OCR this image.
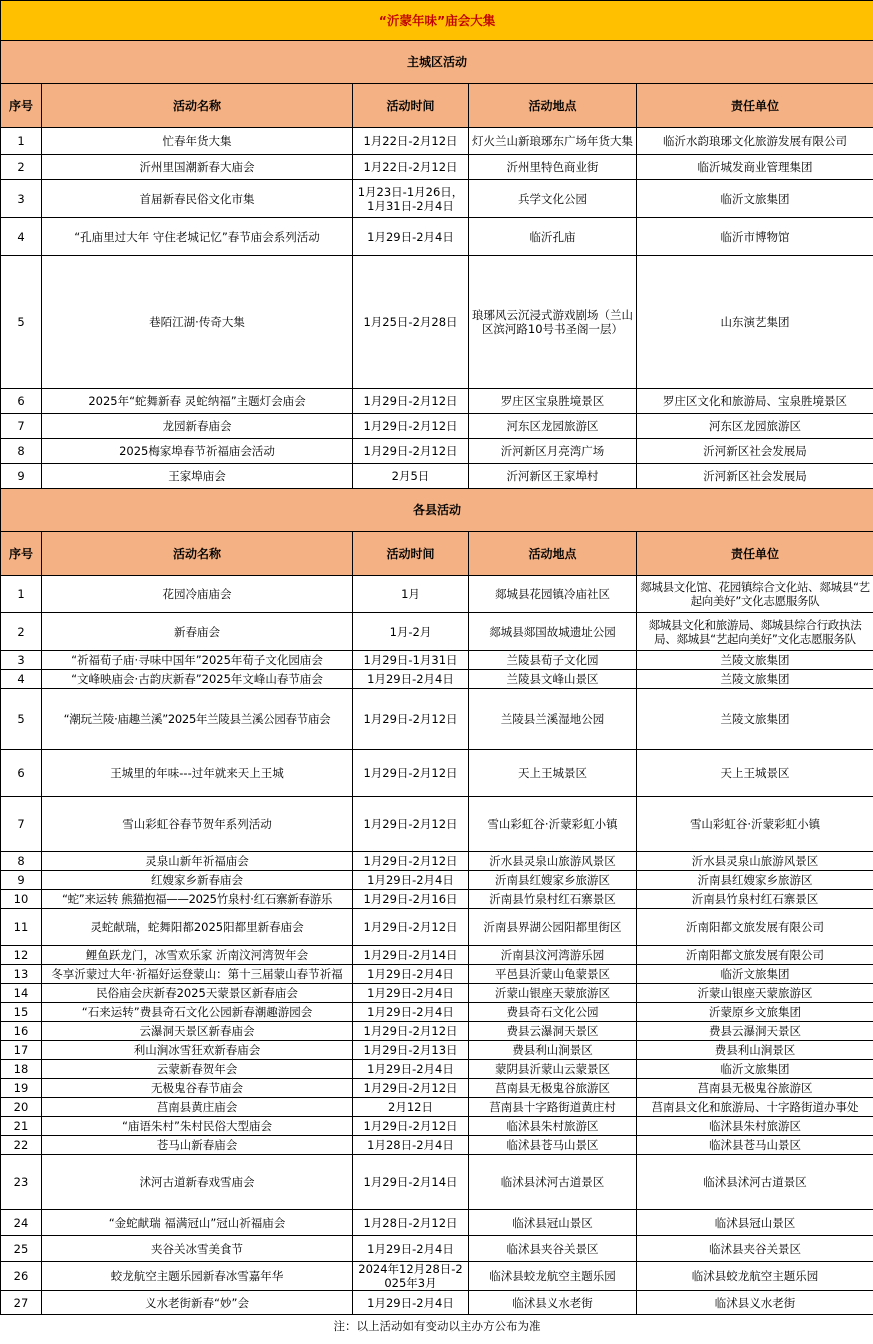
“沂蒙年味”庙会大集				
主城区活动				
序号	活动名称	活动时间	活动地点	责任单位
1	忙春年货大集	1月22日-2月12日	灯火兰山新琅琊东广场年货大集	临沂水韵琅琊文化旅游发展有限公司
2	沂州里国潮新春大庙会	1月22日-2月12日	沂州里特色商业街	临沂城发商业管理集团
3	首届新春民俗文化市集	1月23日-1月26日，1月31日-2月4日	兵学文化公园	临沂文旅集团
4	“孔庙里过大年 守住老城记忆”春节庙会系列活动	1月29日-2月4日	临沂孔庙	临沂市博物馆
5	巷陌江湖·传奇大集	1月25日-2月28日	琅琊风云沉浸式游戏剧场（兰山区滨河路10号书圣阁一层）	山东演艺集团
6	2025年“蛇舞新春 灵蛇纳福”主题灯会庙会	1月29日-2月12日	罗庄区宝泉胜境景区	罗庄区文化和旅游局、宝泉胜境景区
7	龙园新春庙会	1月29日-2月12日	河东区龙园旅游区	河东区龙园旅游区
8	2025梅家埠春节祈福庙会活动	1月29日-2月12日	沂河新区月亮湾广场	沂河新区社会发展局
9	王家埠庙会	2月5日	沂河新区王家埠村	沂河新区社会发展局
各县活动				
序号	活动名称	活动时间	活动地点	责任单位
1	花园冷庙庙会	1月	郯城县花园镇冷庙社区	郯城县文化馆、花园镇综合文化站、郯城县“艺起向美好”文化志愿服务队
2	新春庙会	1月-2月	郯城县郯国故城遗址公园	郯城县文化和旅游局、郯城县综合行政执法局、郯城县“艺起向美好”文化志愿服务队
3	“祈福荀子庙·寻味中国年”2025年荀子文化园庙会	1月29日-1月31日	兰陵县荀子文化园	兰陵文旅集团
4	“文峰映庙会·古韵庆新春”2025年文峰山春节庙会	1月29日-2月4日	兰陵县文峰山景区	兰陵文旅集团
5	“潮玩兰陵·庙趣兰溪”2025年兰陵县兰溪公园春节庙会	1月29日-2月12日	兰陵县兰溪湿地公园	兰陵文旅集团
6	王城里的年味---过年就来天上王城	1月29日-2月12日	天上王城景区	天上王城景区
7	雪山彩虹谷春节贺年系列活动	1月29日-2月12日	雪山彩虹谷·沂蒙彩虹小镇	雪山彩虹谷·沂蒙彩虹小镇
8	灵泉山新年祈福庙会	1月29日-2月12日	沂水县灵泉山旅游风景区	沂水县灵泉山旅游风景区
9	红嫂家乡新春庙会	1月29日-2月4日	沂南县红嫂家乡旅游区	沂南县红嫂家乡旅游区
10	“蛇”来运转 熊猫抱福——2025竹泉村·红石寨新春游乐	1月29日-2月16日	沂南县竹泉村红石寨景区	沂南县竹泉村红石寨景区
11	灵蛇献瑞，蛇舞阳都2025阳都里新春庙会	1月29日-2月12日	沂南县界湖公园阳都里街区	沂南阳都文旅发展有限公司
12	鲤鱼跃龙门，冰雪欢乐家 沂南汶河湾贺年会	1月29日-2月14日	沂南县汶河湾游乐园	沂南阳都文旅发展有限公司
13	冬享沂蒙过大年·祈福好运登蒙山：第十三届蒙山春节祈福	1月29日-2月4日	平邑县沂蒙山龟蒙景区	临沂文旅集团
14	民俗庙会庆新春2025天蒙景区新春庙会	1月29日-2月4日	沂蒙山银座天蒙旅游区	沂蒙山银座天蒙旅游区
15	“石来运转”费县奇石文化公园新春潮趣游园会	1月29日-2月4日	费县奇石文化公园	沂蒙原乡文旅集团
16	云瀑洞天景区新春庙会	1月29日-2月12日	费县云瀑洞天景区	费县云瀑洞天景区
17	利山涧冰雪狂欢新春庙会	1月29日-2月13日	费县利山涧景区	费县利山涧景区
18	云蒙新春贺年会	1月29日-2月4日	蒙阴县沂蒙山云蒙景区	临沂文旅集团
19	无极鬼谷春节庙会	1月29日-2月12日	莒南县无极鬼谷旅游区	莒南县无极鬼谷旅游区
20	莒南县黄庄庙会	2月12日	莒南县十字路街道黄庄村	莒南县文化和旅游局、十字路街道办事处
21	“庙语朱村”朱村民俗大型庙会	1月29日-2月12日	临沭县朱村旅游区	临沭县朱村旅游区
22	苍马山新春庙会	1月28日-2月4日	临沭县苍马山景区	临沭县苍马山景区
23	沭河古道新春戏雪庙会	1月29日-2月14日	临沭县沭河古道景区	临沭县沭河古道景区
24	“金蛇献瑞 福满冠山”冠山祈福庙会	1月28日-2月12日	临沭县冠山景区	临沭县冠山景区
25	夹谷关冰雪美食节	1月29日-2月4日	临沭县夹谷关景区	临沭县夹谷关景区
26	蛟龙航空主题乐园新春冰雪嘉年华	2024年12月28日-2025年3月	临沭县蛟龙航空主题乐园	临沭县蛟龙航空主题乐园
27	义水老街新春“妙”会	1月29日-2月4日	临沭县义水老街	临沭县义水老街
注：以上活动如有变动以主办方公布为准				
